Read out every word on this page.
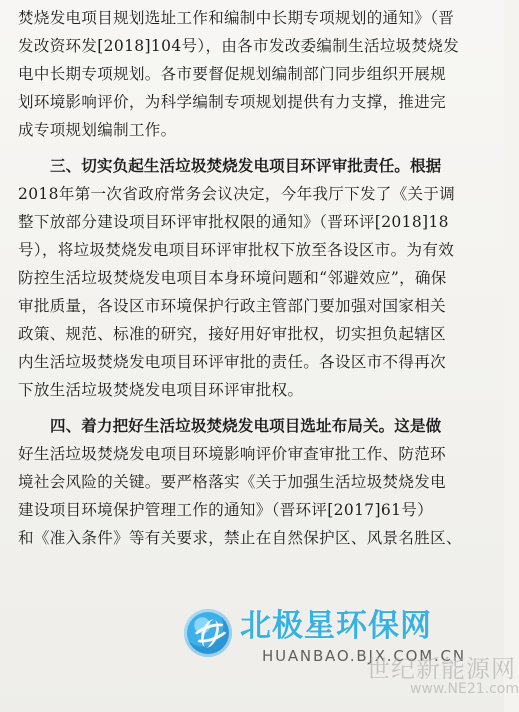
焚烧发电项目规划选址工作和编制中长期专项规划的通知》（晋
发改资环发[2018]104号），由各市发改委编制生活垃圾焚烧发
电中长期专项规划。各市要督促规划编制部门同步组织开展规
划环境影响评价，为科学编制专项规划提供有力支撑，推进完
成专项规划编制工作。
三、切实负起生活垃圾焚烧发电项目环评审批责任。根据
2018年第一次省政府常务会议决定，今年我厅下发了《关于调
整下放部分建设项目环评审批权限的通知》（晋环评[2018]18
号），将垃圾焚烧发电项目环评审批权下放至各设区市。为有效
防控生活垃圾焚烧发电项目本身环境问题和“邻避效应”，确保
审批质量，各设区市环境保护行政主管部门要加强对国家相关
政策、规范、标准的研究，接好用好审批权，切实担负起辖区
内生活垃圾焚烧发电项目环评审批的责任。各设区市不得再次
下放生活垃圾焚烧发电项目环评审批权。
四、着力把好生活垃圾焚烧发电项目选址布局关。这是做
好生活垃圾焚烧发电项目环境影响评价审查审批工作、防范环
境社会风险的关键。要严格落实《关于加强生活垃圾焚烧发电
建设项目环境保护管理工作的通知》（晋环评[2017]61号）
和《准入条件》等有关要求，禁止在自然保护区、风景名胜区、
北极星环保网
HUANBAO.BJX.COM.CN
世纪新能源网
www.NE21.com
